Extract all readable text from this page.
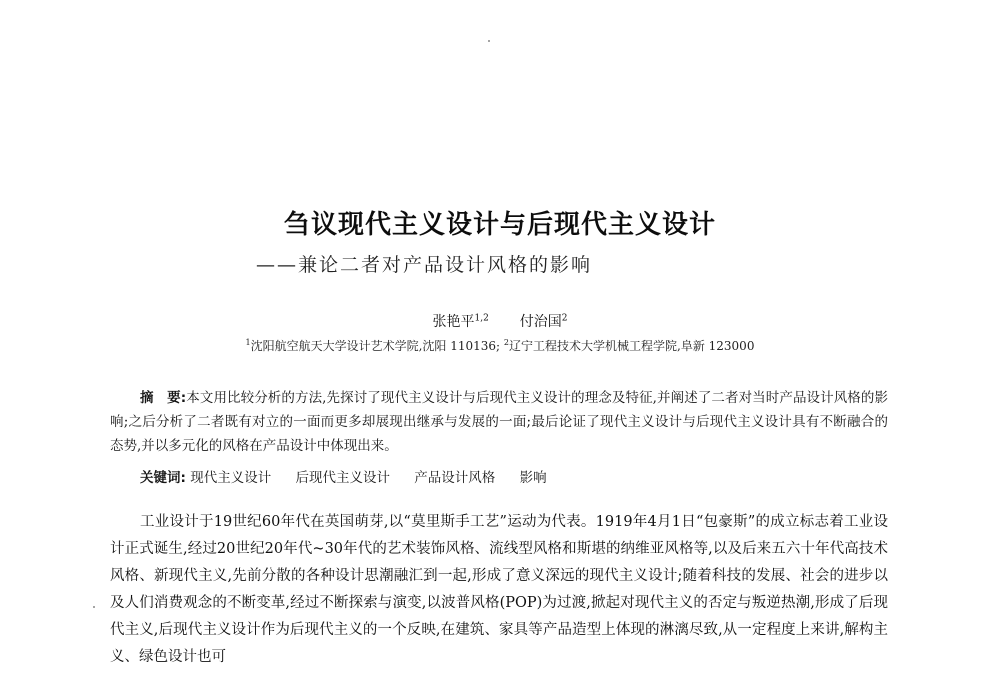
刍议现代主义设计与后现代主义设计
——兼论二者对产品设计风格的影响
张艳平$^{1,2}$ 付治国$^2$
$^1$沈阳航空航天大学设计艺术学院,沈阳 110136; $^2$辽宁工程技术大学机械工程学院,阜新 123000

摘　要:本文用比较分析的方法,先探讨了现代主义设计与后现代主义设计的理念及特征,并阐述了二者对当时产品设计风格的影响;之后分析了二者既有对立的一面而更多却展现出继承与发展的一面;最后论证了现代主义设计与后现代主义设计具有不断融合的态势,并以多元化的风格在产品设计中体现出来。

关键词: 现代主义设计 后现代主义设计 产品设计风格 影响

工业设计于19世纪60年代在英国萌芽,以“莫里斯手工艺”运动为代表。1919年4月1日“包豪斯”的成立标志着工业设计正式诞生,经过20世纪20年代~30年代的艺术装饰风格、流线型风格和斯堪的纳维亚风格等,以及后来五六十年代高技术风格、新现代主义,先前分散的各种设计思潮融汇到一起,形成了意义深远的现代主义设计;随着科技的发展、社会的进步以及人们消费观念的不断变革,经过不断探索与演变,以波普风格(POP)为过渡,掀起对现代主义的否定与叛逆热潮,形成了后现代主义,后现代主义设计作为后现代主义的一个反映,在建筑、家具等产品造型上体现的淋漓尽致,从一定程度上来讲,解构主义、绿色设计也可
